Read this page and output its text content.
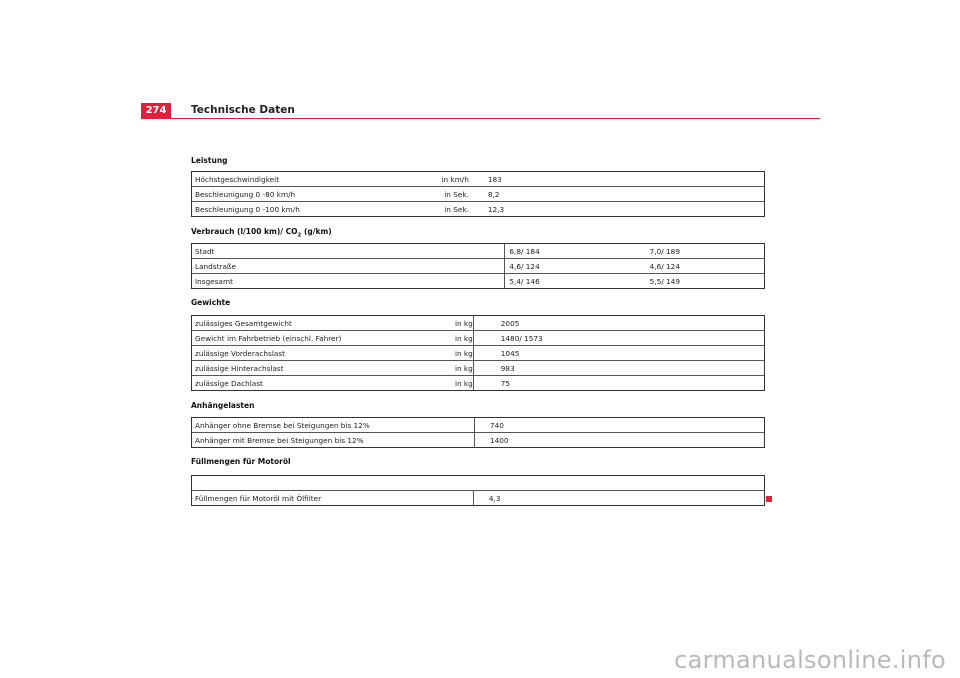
274	Technische Daten
Leistung
Höchstgeschwindigkeit in km/h	183
Beschleunigung 0 -80 km/h in Sek.	8,2
Beschleunigung 0 -100 km/h in Sek.	12,3
Verbrauch (l/100 km)/ $CO_2$ (g/km)
Stadt	6,8/ 184	7,0/ 189
Landstraße	4,6/ 124	4,6/ 124
Insgesamt	5,4/ 146	5,5/ 149
Gewichte
zulässiges Gesamtgewicht in kg	2005
Gewicht im Fahrbetrieb (einschl. Fahrer) in kg	1480/ 1573
zulässige Vorderachslast in kg	1045
zulässige Hinterachslast in kg	983
zulässige Dachlast in kg	75
Anhängelasten
Anhänger ohne Bremse bei Steigungen bis 12%	740
Anhänger mit Bremse bei Steigungen bis 12%	1400
Füllmengen für Motoröl

Füllmengen für Motoröl mit Ölfilter	4,3
carmanualsonline.info
